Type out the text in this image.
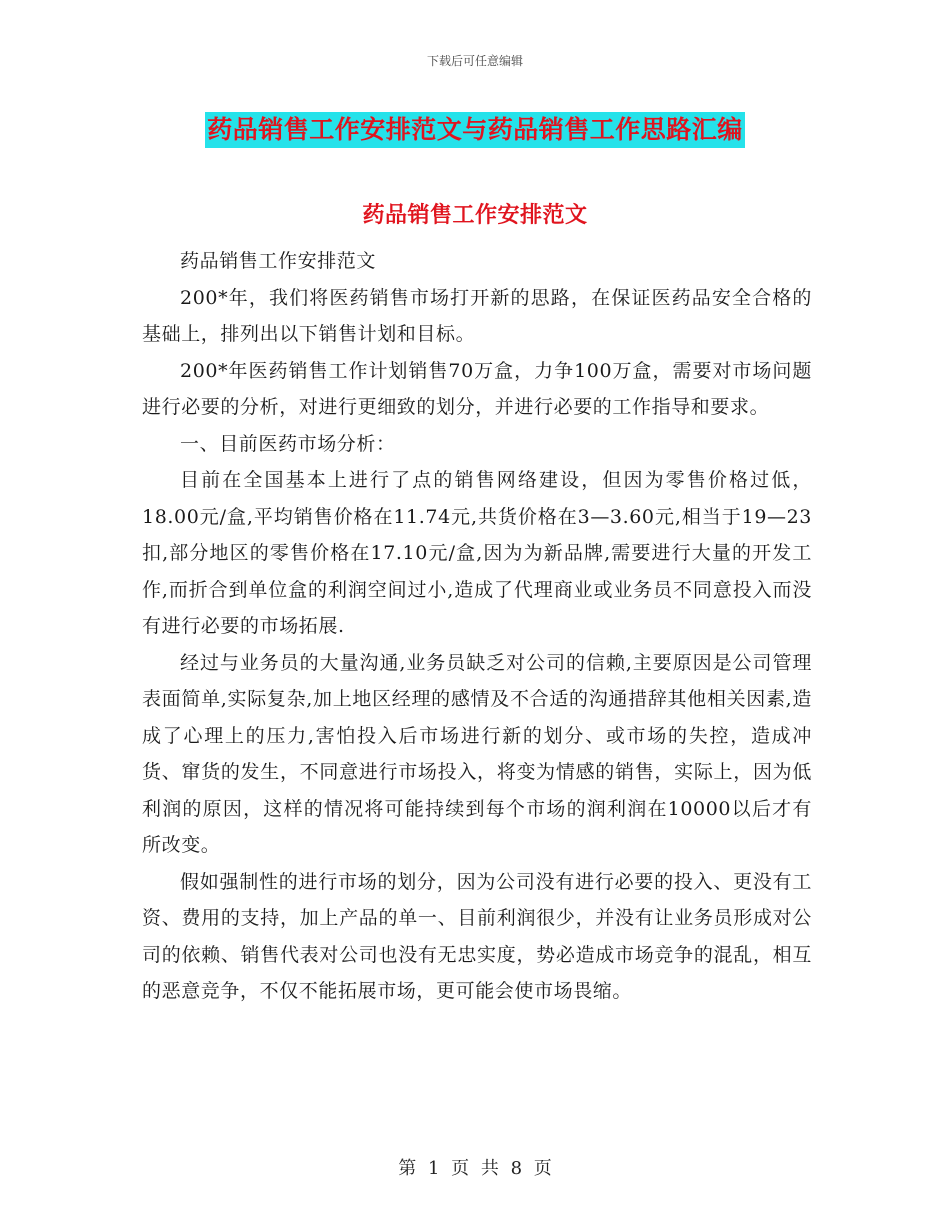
下载后可任意编辑
药品销售工作安排范文与药品销售工作思路汇编
药品销售工作安排范文

药品销售工作安排范文

200*年，我们将医药销售市场打开新的思路，在保证医药品安全合格的基础上，排列出以下销售计划和目标。

200*年医药销售工作计划销售70万盒，力争100万盒，需要对市场问题进行必要的分析，对进行更细致的划分，并进行必要的工作指导和要求。

一、目前医药市场分析：

目前在全国基本上进行了点的销售网络建设，但因为零售价格过低，18.00元/盒,平均销售价格在11.74元,共货价格在3—3.60元,相当于19—23扣,部分地区的零售价格在17.10元/盒,因为为新品牌,需要进行大量的开发工作,而折合到单位盒的利润空间过小,造成了代理商业或业务员不同意投入而没有进行必要的市场拓展.

经过与业务员的大量沟通,业务员缺乏对公司的信赖,主要原因是公司管理表面简单,实际复杂,加上地区经理的感情及不合适的沟通措辞其他相关因素,造成了心理上的压力,害怕投入后市场进行新的划分、或市场的失控，造成冲货、窜货的发生，不同意进行市场投入，将变为情感的销售，实际上，因为低利润的原因，这样的情况将可能持续到每个市场的润利润在10000以后才有所改变。

假如强制性的进行市场的划分，因为公司没有进行必要的投入、更没有工资、费用的支持，加上产品的单一、目前利润很少，并没有让业务员形成对公司的依赖、销售代表对公司也没有无忠实度，势必造成市场竞争的混乱，相互的恶意竞争，不仅不能拓展市场，更可能会使市场畏缩。

第 1 页 共 8 页
